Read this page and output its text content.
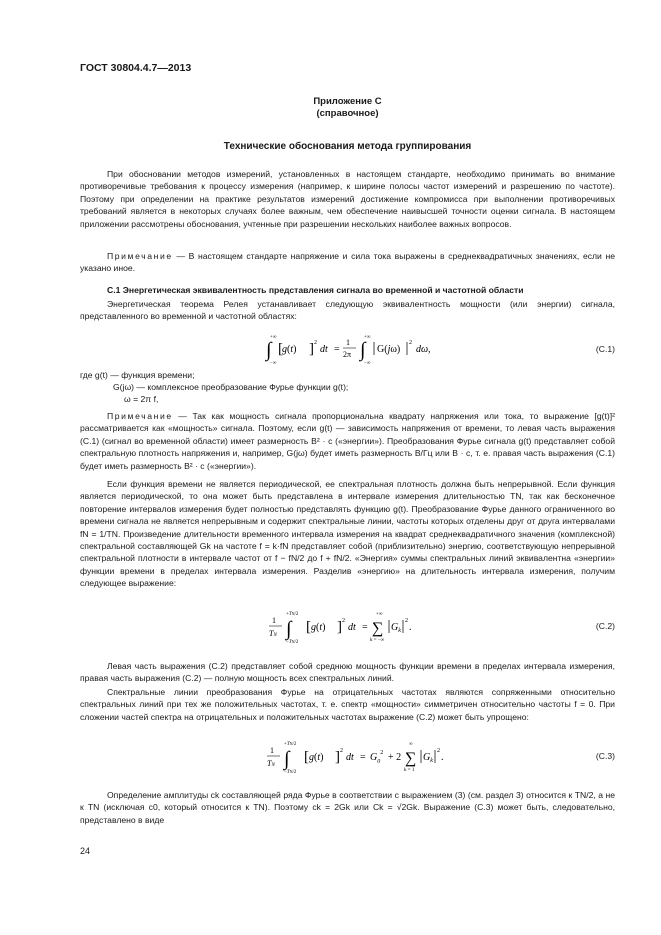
ГОСТ 30804.4.7—2013
Приложение С
(справочное)
Технические обоснования метода группирования
При обосновании методов измерений, установленных в настоящем стандарте, необходимо принимать во внимание противоречивые требования к процессу измерения (например, к ширине полосы частот измерений и разрешению по частоте). Поэтому при определении на практике результатов измерений достижение компромисса при выполнении противоречивых требований является в некоторых случаях более важным, чем обеспечение наивысшей точности оценки сигнала. В настоящем приложении рассмотрены обоснования, учтенные при разрешении нескольких наиболее важных вопросов.
Примечание — В настоящем стандарте напряжение и сила тока выражены в среднеквадратичных значениях, если не указано иное.
С.1 Энергетическая эквивалентность представления сигнала во временной и частотной области
Энергетическая теорема Релея устанавливает следующую эквивалентность мощности (или энергии) сигнала, представленного во временной и частотной областях:
+∞
∫
−∞
g(t)
[ ] 2
dt =
1
2π
+∞
∫
−∞
G(jω)
2
dω,	(С.1)
где g(t) — функция времени;
G(jω) — комплексное преобразование Фурье функции g(t);
ω = 2π f,
Примечание — Так как мощность сигнала пропорциональна квадрату напряжения или тока, то выражение [g(t)]² рассматривается как «мощность» сигнала. Поэтому, если g(t) — зависимость напряжения от времени, то левая часть выражения (С.1) (сигнал во временной области) имеет размерность В² · с («энергии»). Преобразования Фурье сигнала g(t) представляет собой спектральную плотность напряжения и, например, G(jω) будет иметь размерность В/Гц или В · с, т. е. правая часть выражения (С.1) будет иметь размерность В² · с («энергии»).
Если функция времени не является периодической, ее спектральная плотность должна быть непрерывной. Если функция является периодической, то она может быть представлена в интервале измерения длительностью TN, так как бесконечное повторение интервалов измерения будет полностью представлять функцию g(t). Преобразование Фурье данного ограниченного во времени сигнала не является непрерывным и содержит спектральные линии, частоты которых отделены друг от друга интервалами fN = 1/TN. Произведение длительности временного интервала измерения на квадрат среднеквадратичного значения (комплексной) спектральной составляющей Gk на частоте f = k·fN представляет собой (приблизительно) энергию, соответствующую непрерывной спектральной плотности в интервале частот от f − fN/2 до f + fN/2. «Энергия» суммы спектральных линий эквивалентна «энергии» функции времени в пределах интервала измерения. Разделив «энергию» на длительность интервала измерения, получим следующее выражение:
1
TN
+TN/2
∫
−TN/2
[ g(t) ] 2
dt =
+∞
∑
k = −∞
$G_k$
2
.	(С.2)
Левая часть выражения (С.2) представляет собой среднюю мощность функции времени в пределах интервала измерения, правая часть выражения (С.2) — полную мощность всех спектральных линий.
Спектральные линии преобразования Фурье на отрицательных частотах являются сопряженными относительно спектральных линий при тех же положительных частотах, т. е. спектр «мощности» симметричен относительно частоты f = 0. При сложении частей спектра на отрицательных и положительных частотах выражение (С.2) может быть упрощено:
1
TN
+TN/2
∫
−TN/2
[ g(t) ] 2
dt = $G_0^2 + 2$
∞
∑
k = 1
$G_k$
2
.	(С.3)
Определение амплитуды ck составляющей ряда Фурье в соответствии с выражением (3) (см. раздел 3) относится к TN/2, а не к TN (исключая c0, который относится к TN). Поэтому ck = 2Gk или Ck = √2Gk. Выражение (С.3) может быть, следовательно, представлено в виде
24
